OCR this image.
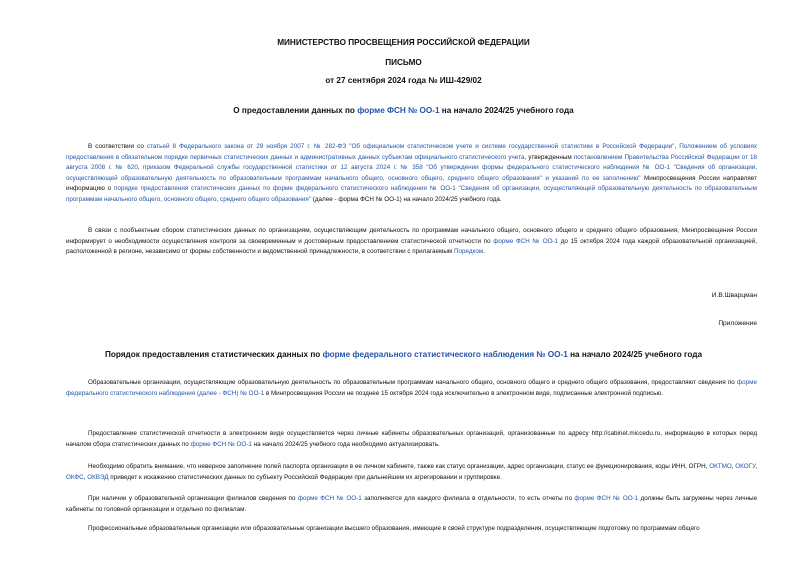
МИНИСТЕРСТВО ПРОСВЕЩЕНИЯ РОССИЙСКОЙ ФЕДЕРАЦИИ
ПИСЬМО
от 27 сентября 2024 года № ИШ-429/02
О предоставлении данных по форме ФСН № ОО-1 на начало 2024/25 учебного года

В соответствии со статьей 8 Федерального закона от 29 ноября 2007 г. № 282-ФЗ "Об официальном статистическом учете и системе государственной статистики в Российской Федерации", Положением об условиях предоставления в обязательном порядке первичных статистических данных и административных данных субъектам официального статистического учета, утвержденным постановлением Правительства Российской Федерации от 18 августа 2008 г. № 620, приказом Федеральной службы государственной статистики от 12 августа 2024 г. № 358 "Об утверждении формы федерального статистического наблюдения № ОО-1 "Сведения об организации, осуществляющей образовательную деятельность по образовательным программам начального общего, основного общего, среднего общего образования" и указаний по ее заполнению" Минпросвещения России направляет информацию о порядке предоставления статистических данных по форме федерального статистического наблюдения № ОО-1 "Сведения об организации, осуществляющей образовательную деятельность по образовательным программам начального общего, основного общего, среднего общего образования" (далее - форма ФСН № ОО-1) на начало 2024/25 учебного года.

В связи с пообъектным сбором статистических данных по организациям, осуществляющим деятельность по программам начального общего, основного общего и среднего общего образования, Минпросвещения России информирует о необходимости осуществления контроля за своевременным и достоверным предоставлением статистической отчетности по форме ФСН № ОО-1 до 15 октября 2024 года каждой образовательной организацией, расположенной в регионе, независимо от формы собственности и ведомственной принадлежности, в соответствии с прилагаемым Порядком.

И.В.Шварцман
Приложение
Порядок предоставления статистических данных по форме федерального статистического наблюдения № ОО-1 на начало 2024/25 учебного года

Образовательные организации, осуществляющие образовательную деятельность по образовательным программам начального общего, основного общего и среднего общего образования, предоставляют сведения по форме федерального статистического наблюдения (далее - ФСН) № ОО-1 в Минпросвещения России не позднее 15 октября 2024 года исключительно в электронном виде, подписанные электронной подписью.

Предоставление статистической отчетности в электронном виде осуществляется через личные кабинеты образовательных организаций, организованные по адресу http://cabinet.miccedu.ru, информацию в которых перед началом сбора статистических данных по форме ФСН № ОО-1 на начало 2024/25 учебного года необходимо актуализировать.

Необходимо обратить внимание, что неверное заполнение полей паспорта организации в ее личном кабинете, также как статус организации, адрес организации, статус ее функционирования, коды ИНН, ОГРН, ОКТМО, ОКОГУ, ОКФС, ОКВЭД приведет к искажению статистических данных по субъекту Российской Федерации при дальнейшем их агрегировании и группировке.

При наличии у образовательной организации филиалов сведения по форме ФСН № ОО-1 заполняются для каждого филиала в отдельности, то есть отчеты по форме ФСН № ОО-1 должны быть загружены через личные кабинеты по головной организации и отдельно по филиалам.

Профессиональные образовательные организации или образовательные организации высшего образования, имеющие в своей структуре подразделения, осуществляющие подготовку по программам общего
